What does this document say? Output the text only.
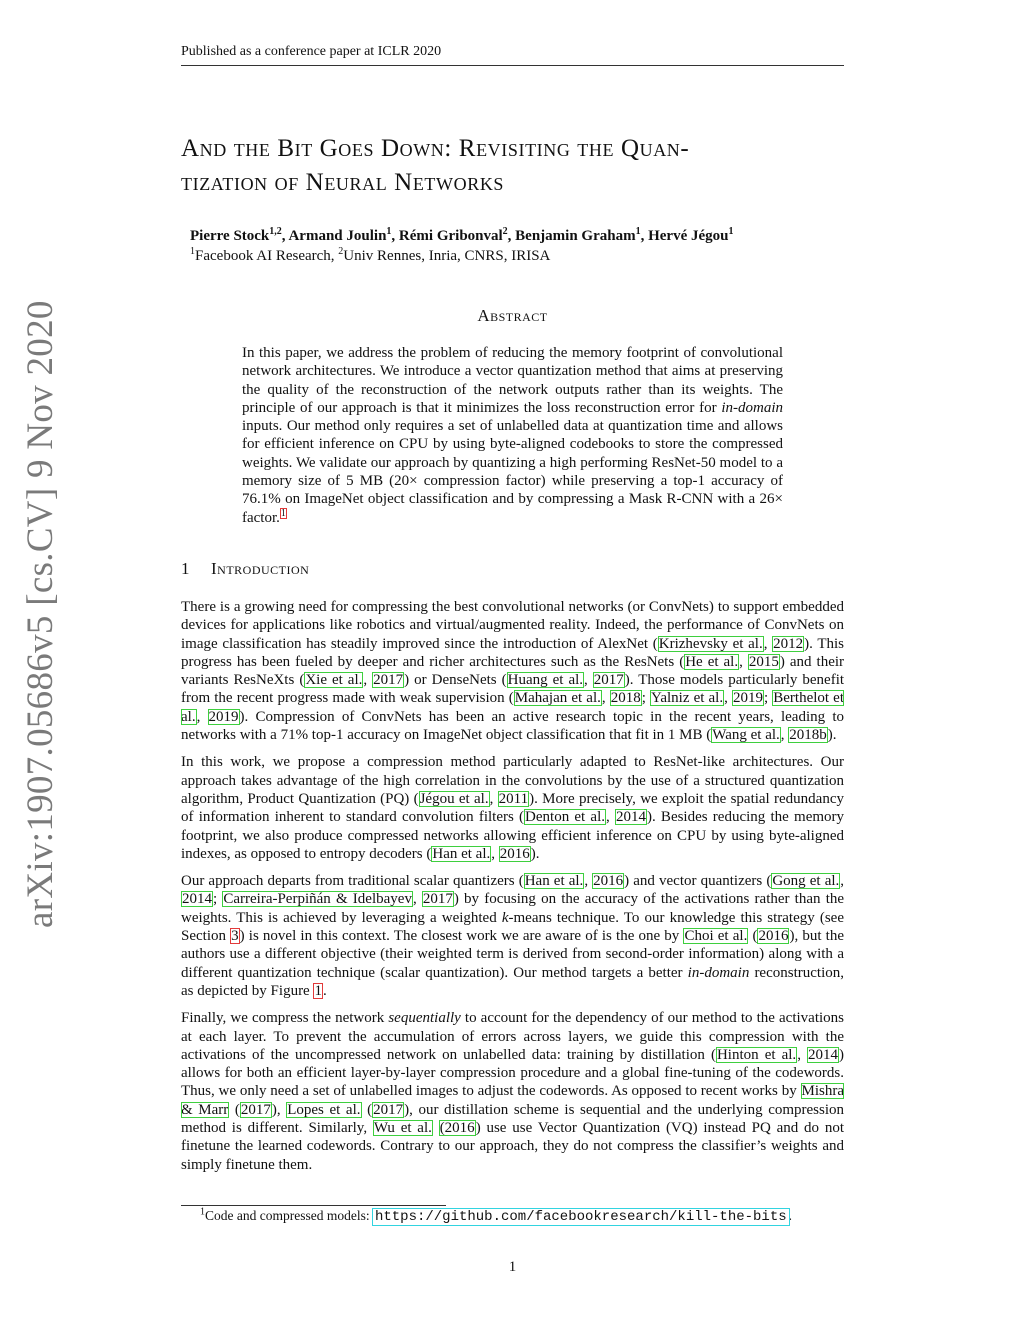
Published as a conference paper at ICLR 2020
arXiv:1907.05686v5 [cs.CV] 9 Nov 2020
And the Bit Goes Down: Revisiting the Quan-
tization of Neural Networks
Pierre Stock$^{1,2}$, Armand Joulin$^1$, Rémi Gribonval$^2$, Benjamin Graham$^1$, Hervé Jégou$^1$
$^1$Facebook AI Research, $^2$Univ Rennes, Inria, CNRS, IRISA
Abstract
In this paper, we address the problem of reducing the memory footprint of convolutional network architectures. We introduce a vector quantization method that aims at preserving the quality of the reconstruction of the network outputs rather than its weights. The principle of our approach is that it minimizes the loss reconstruction error for in-domain inputs. Our method only requires a set of unlabelled data at quantization time and allows for efficient inference on CPU by using byte-aligned codebooks to store the compressed weights. We validate our approach by quantizing a high performing ResNet-50 model to a memory size of 5 MB (20× compression factor) while preserving a top-1 accuracy of 76.1% on ImageNet object classification and by compressing a Mask R-CNN with a 26× factor.$^1$
1 Introduction

There is a growing need for compressing the best convolutional networks (or ConvNets) to support embedded devices for applications like robotics and virtual/augmented reality. Indeed, the performance of ConvNets on image classification has steadily improved since the introduction of AlexNet (Krizhevsky et al., 2012). This progress has been fueled by deeper and richer architectures such as the ResNets (He et al., 2015) and their variants ResNeXts (Xie et al., 2017) or DenseNets (Huang et al., 2017). Those models particularly benefit from the recent progress made with weak supervision (Mahajan et al., 2018; Yalniz et al., 2019; Berthelot et al., 2019). Compression of ConvNets has been an active research topic in the recent years, leading to networks with a 71% top-1 accuracy on ImageNet object classification that fit in 1 MB (Wang et al., 2018b).

In this work, we propose a compression method particularly adapted to ResNet-like architectures. Our approach takes advantage of the high correlation in the convolutions by the use of a structured quantization algorithm, Product Quantization (PQ) (Jégou et al., 2011). More precisely, we exploit the spatial redundancy of information inherent to standard convolution filters (Denton et al., 2014). Besides reducing the memory footprint, we also produce compressed networks allowing efficient inference on CPU by using byte-aligned indexes, as opposed to entropy decoders (Han et al., 2016).

Our approach departs from traditional scalar quantizers (Han et al., 2016) and vector quantizers (Gong et al., 2014; Carreira-Perpiñán & Idelbayev, 2017) by focusing on the accuracy of the activations rather than the weights. This is achieved by leveraging a weighted k-means technique. To our knowledge this strategy (see Section 3) is novel in this context. The closest work we are aware of is the one by Choi et al. (2016), but the authors use a different objective (their weighted term is derived from second-order information) along with a different quantization technique (scalar quantization). Our method targets a better in-domain reconstruction, as depicted by Figure 1.

Finally, we compress the network sequentially to account for the dependency of our method to the activations at each layer. To prevent the accumulation of errors across layers, we guide this compression with the activations of the uncompressed network on unlabelled data: training by distillation (Hinton et al., 2014) allows for both an efficient layer-by-layer compression procedure and a global fine-tuning of the codewords. Thus, we only need a set of unlabelled images to adjust the codewords. As opposed to recent works by Mishra & Marr (2017), Lopes et al. (2017), our distillation scheme is sequential and the underlying compression method is different. Similarly, Wu et al. (2016) use use Vector Quantization (VQ) instead PQ and do not finetune the learned codewords. Contrary to our approach, they do not compress the classifier’s weights and simply finetune them.

$^1$Code and compressed models: https://github.com/facebookresearch/kill-the-bits .
1
